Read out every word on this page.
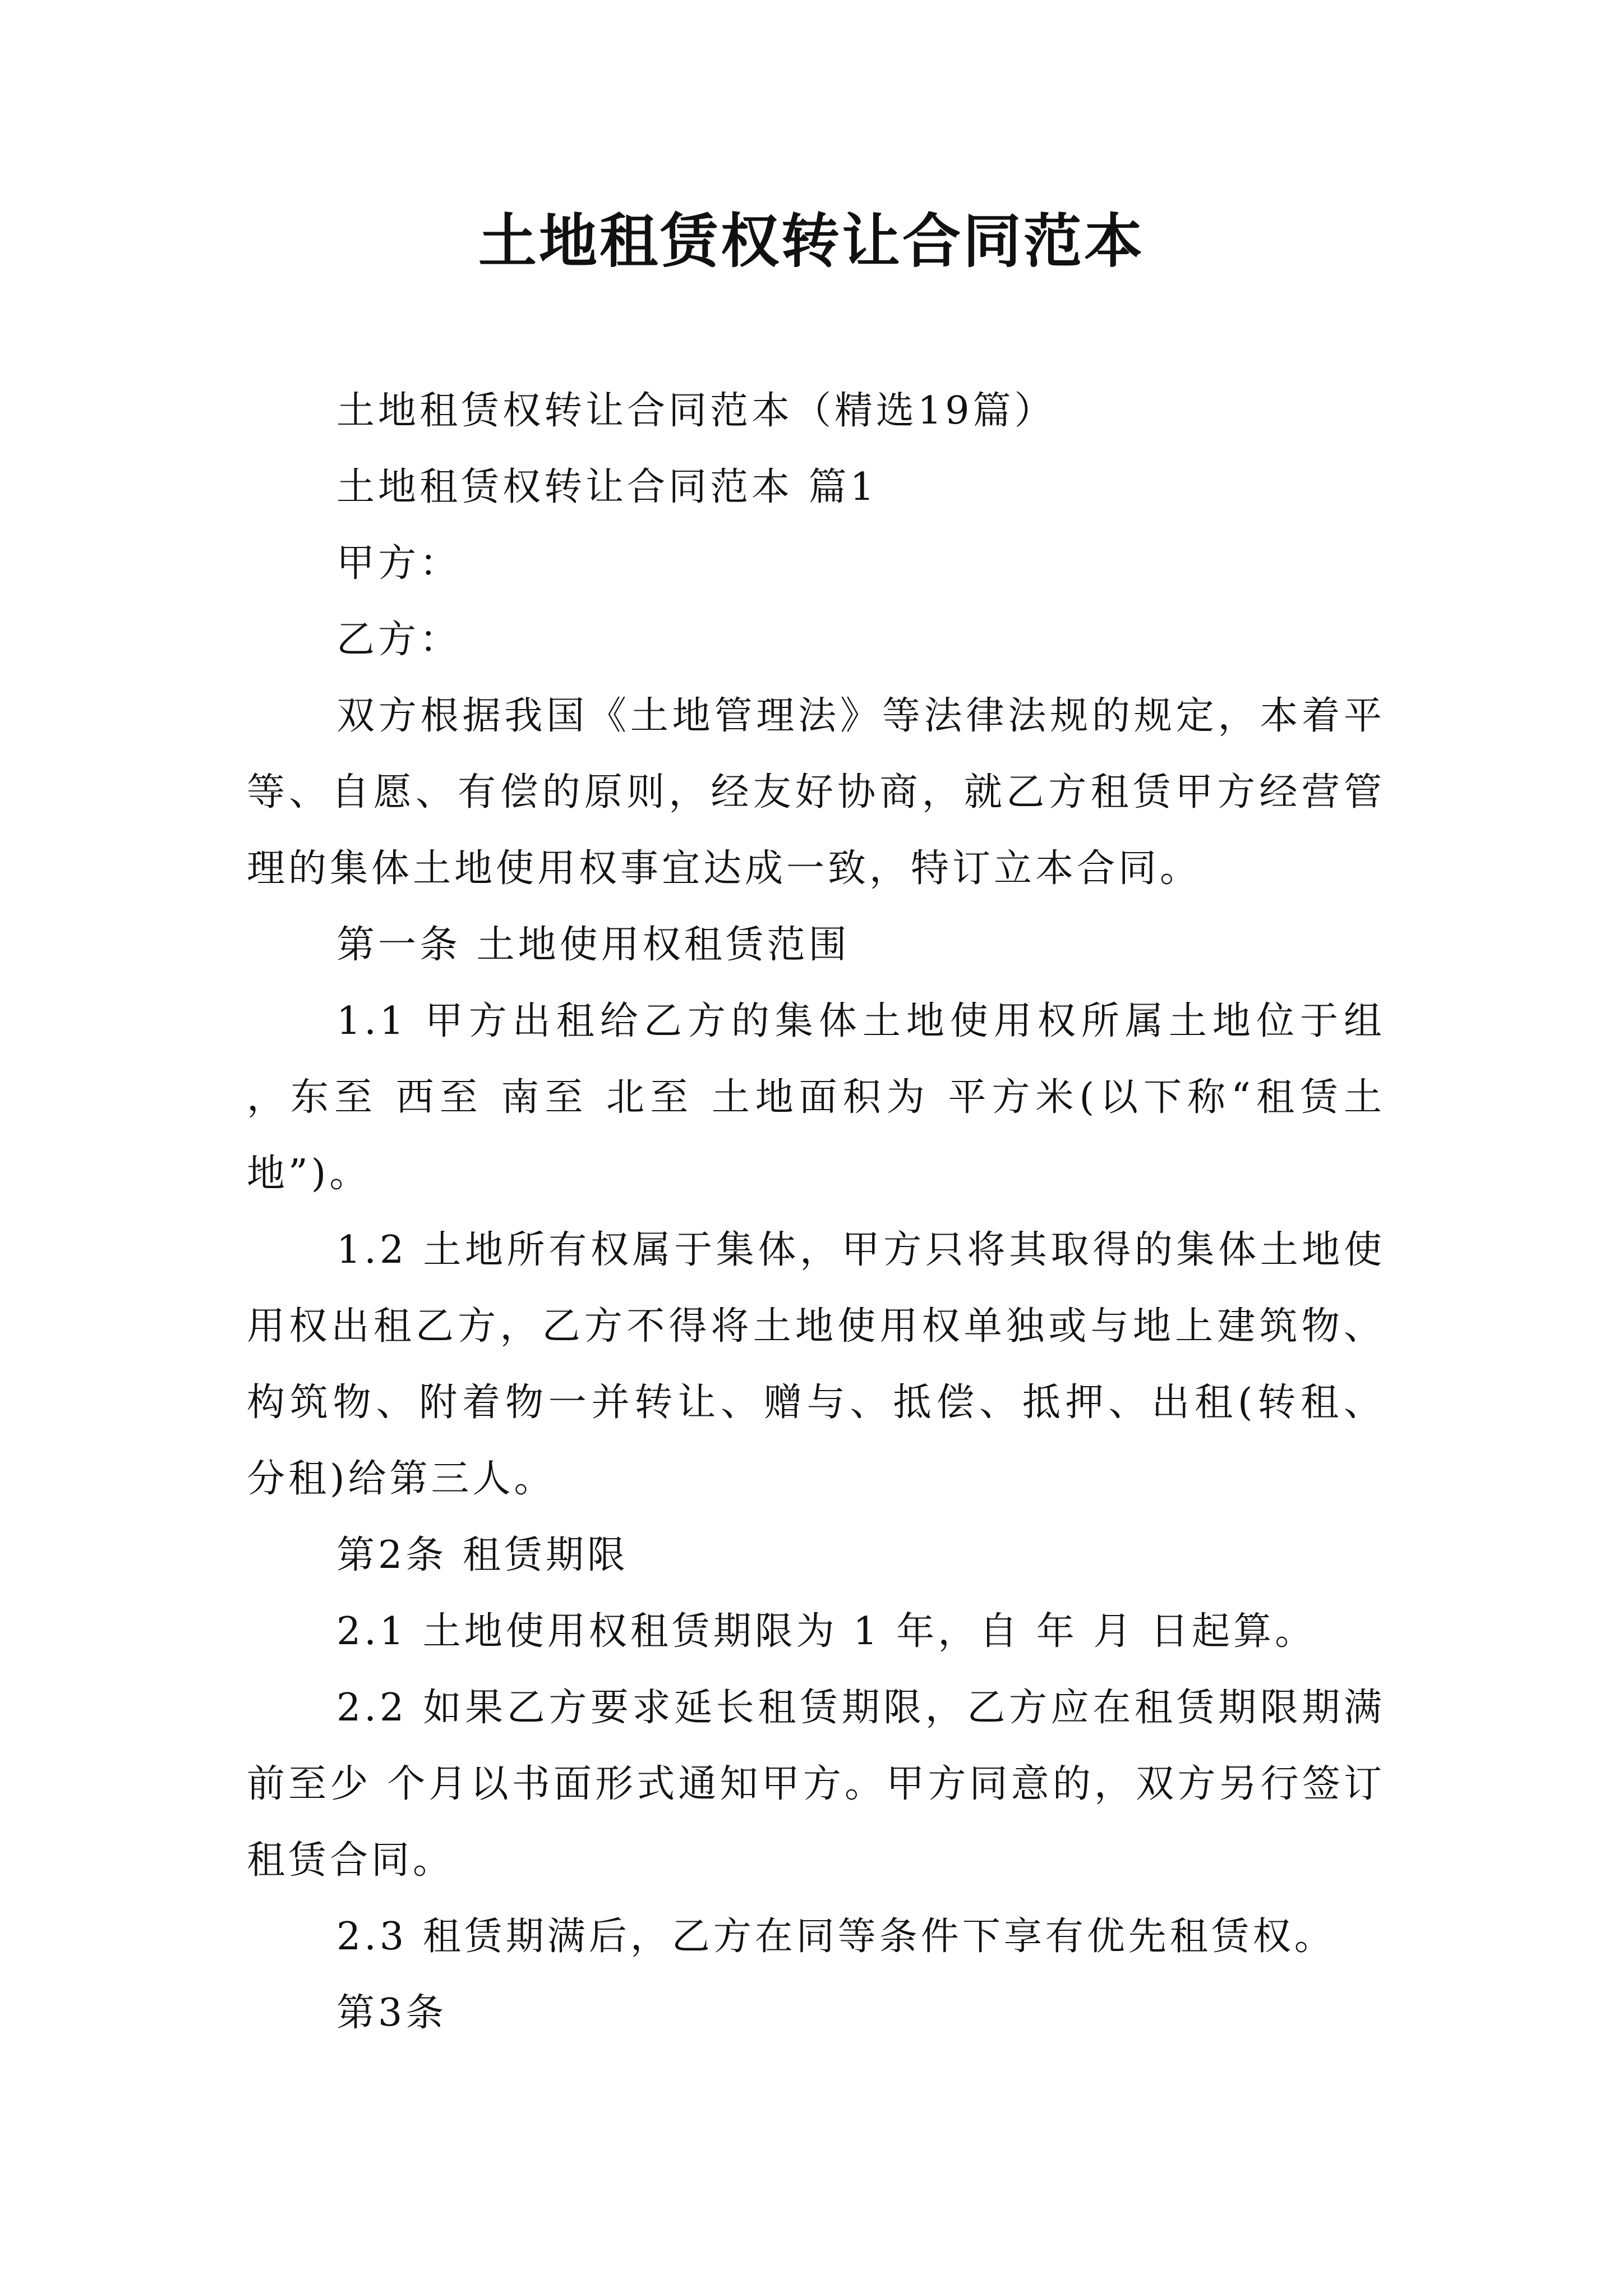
土地租赁权转让合同范本

土地租赁权转让合同范本（精选19篇）

土地租赁权转让合同范本 篇1

甲方：

乙方：

双方根据我国《土地管理法》等法律法规的规定，本着平等、自愿、有偿的原则，经友好协商，就乙方租赁甲方经营管理的集体土地使用权事宜达成一致，特订立本合同。

第一条 土地使用权租赁范围

1.1 甲方出租给乙方的集体土地使用权所属土地位于组 ，东至 西至 南至 北至 土地面积为 平方米(以下称“租赁土地”)。

1.2 土地所有权属于集体，甲方只将其取得的集体土地使用权出租乙方，乙方不得将土地使用权单独或与地上建筑物、构筑物、附着物一并转让、赠与、抵偿、抵押、出租(转租、分租)给第三人。

第2条 租赁期限

2.1 土地使用权租赁期限为 1 年，自 年 月 日起算。

2.2 如果乙方要求延长租赁期限，乙方应在租赁期限期满前至少 个月以书面形式通知甲方。甲方同意的，双方另行签订租赁合同。

2.3 租赁期满后，乙方在同等条件下享有优先租赁权。

第3条
